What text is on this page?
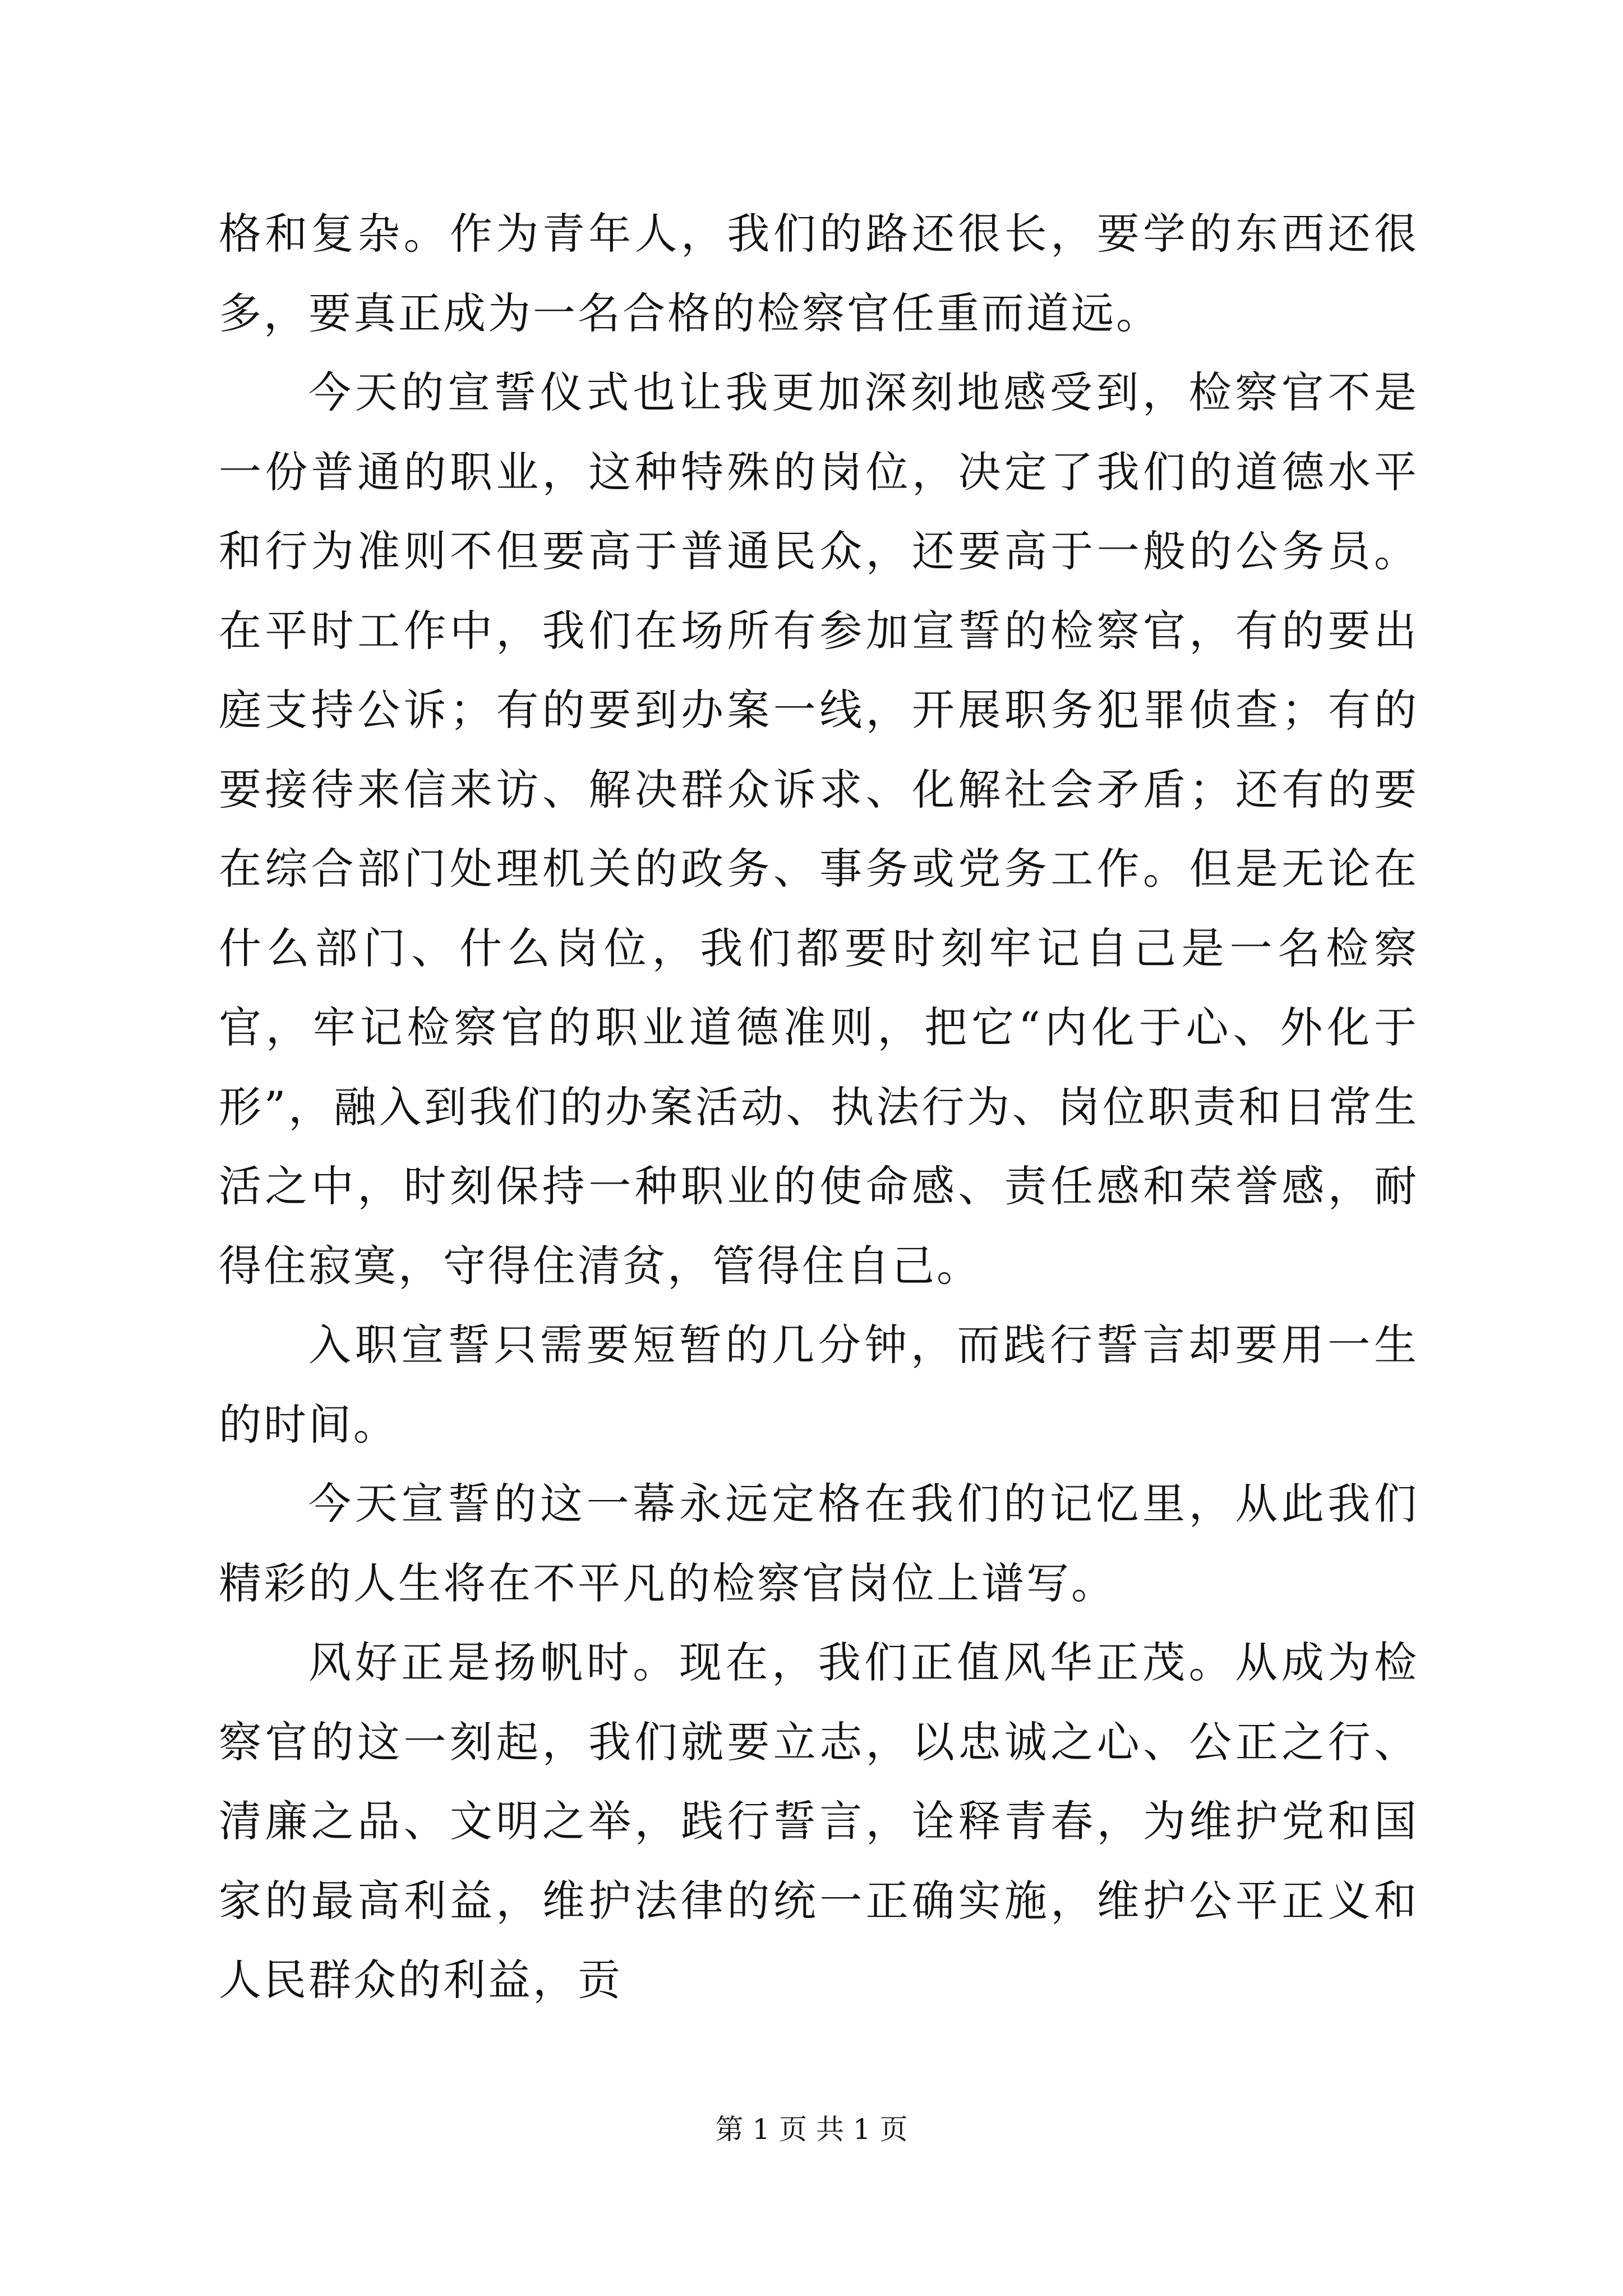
格和复杂。作为青年人，我们的路还很长，要学的东西还很多，要真正成为一名合格的检察官任重而道远。

今天的宣誓仪式也让我更加深刻地感受到，检察官不是一份普通的职业，这种特殊的岗位，决定了我们的道德水平和行为准则不但要高于普通民众，还要高于一般的公务员。在平时工作中，我们在场所有参加宣誓的检察官，有的要出庭支持公诉；有的要到办案一线，开展职务犯罪侦查；有的要接待来信来访、解决群众诉求、化解社会矛盾；还有的要在综合部门处理机关的政务、事务或党务工作。但是无论在什么部门、什么岗位，我们都要时刻牢记自己是一名检察官，牢记检察官的职业道德准则，把它“内化于心、外化于形”，融入到我们的办案活动、执法行为、岗位职责和日常生活之中，时刻保持一种职业的使命感、责任感和荣誉感，耐得住寂寞，守得住清贫，管得住自己。

入职宣誓只需要短暂的几分钟，而践行誓言却要用一生的时间。

今天宣誓的这一幕永远定格在我们的记忆里，从此我们精彩的人生将在不平凡的检察官岗位上谱写。

风好正是扬帆时。现在，我们正值风华正茂。从成为检察官的这一刻起，我们就要立志，以忠诚之心、公正之行、清廉之品、文明之举，践行誓言，诠释青春，为维护党和国家的最高利益，维护法律的统一正确实施，维护公平正义和人民群众的利益，贡

第 1 页 共 1 页
